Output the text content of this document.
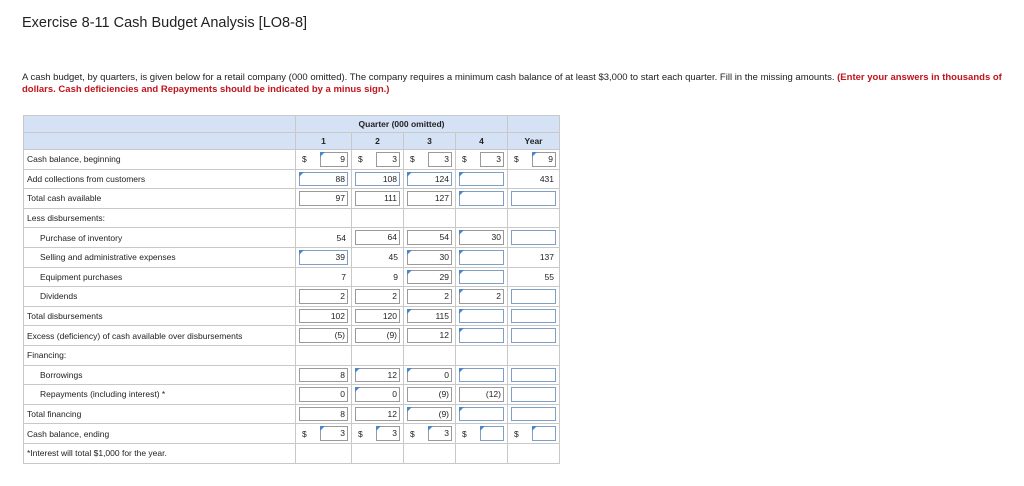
Exercise 8-11 Cash Budget Analysis [LO8-8]
A cash budget, by quarters, is given below for a retail company (000 omitted). The company requires a minimum cash balance of at least $3,000 to start each quarter. Fill in the missing amounts. (Enter your answers in thousands of dollars. Cash deficiencies and Repayments should be indicated by a minus sign.)
	Quarter (000 omitted)				
	1	2	3	4	Year
Cash balance, beginning	$ 9	$ 3	$ 3	$ 3	$ 9

Add collections from customers	88	108	124		431

Total cash available	97	111	127		

Less disbursements:					
Purchase of inventory	54	64	54	30	

Selling and administrative expenses	39	45	30		137

Equipment purchases	7	9	29		55

Dividends	2	2	2	2	

Total disbursements	102	120	115		

Excess (deficiency) of cash available over disbursements	(5)	(9)	12		

Financing:					
Borrowings	8	12	0		

Repayments (including interest) *	0	0	(9)	(12)	

Total financing	8	12	(9)		

Cash balance, ending	$ 3	$ 3	$ 3	$	$

*Interest will total $1,000 for the year.					
